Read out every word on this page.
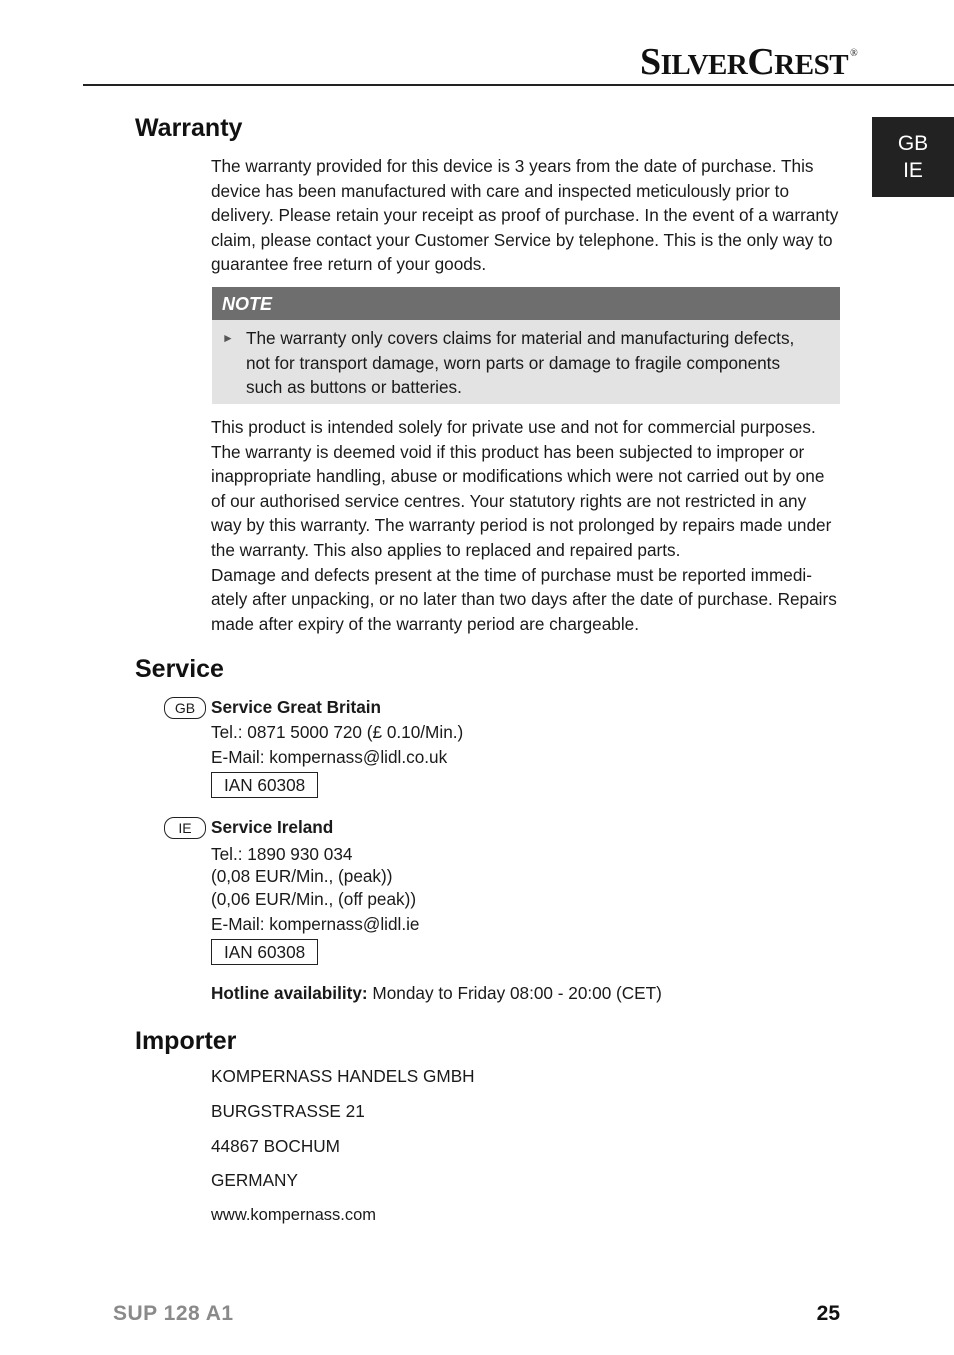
SILVERCREST ®
GB
IE
Warranty

The warranty provided for this device is 3 years from the date of purchase. This device has been manufactured with care and inspected meticulously prior to delivery. Please retain your receipt as proof of purchase. In the event of a warranty claim, please contact your Customer Service by telephone. This is the only way to guarantee free return of your goods.

NOTE
► The warranty only covers claims for material and manufacturing defects, not for transport damage, worn parts or damage to fragile components such as buttons or batteries.

This product is intended solely for private use and not for commercial purposes. The warranty is deemed void if this product has been subjected to improper or inappropriate handling, abuse or modifications which were not carried out by one of our authorised service centres. Your statutory rights are not restricted in any way by this warranty. The warranty period is not prolonged by repairs made under the warranty. This also applies to replaced and repaired parts.

Damage and defects present at the time of purchase must be reported immedi-ately after unpacking, or no later than two days after the date of purchase. Repairs made after expiry of the warranty period are chargeable.

Service
GB Service Great Britain
Tel.: 0871 5000 720 (£ 0.10/Min.)
E-Mail: kompernass@lidl.co.uk
IAN 60308
IE	Service Ireland
Tel.: 1890 930 034
(0,08 EUR/Min., (peak))
(0,06 EUR/Min., (off peak))
E-Mail: kompernass@lidl.ie
IAN 60308
Hotline availability: Monday to Friday 08:00 - 20:00 (CET)
Importer
KOMPERNASS HANDELS GMBH
BURGSTRASSE 21
44867 BOCHUM
GERMANY
www.kompernass.com
SUP 128 A1	25
